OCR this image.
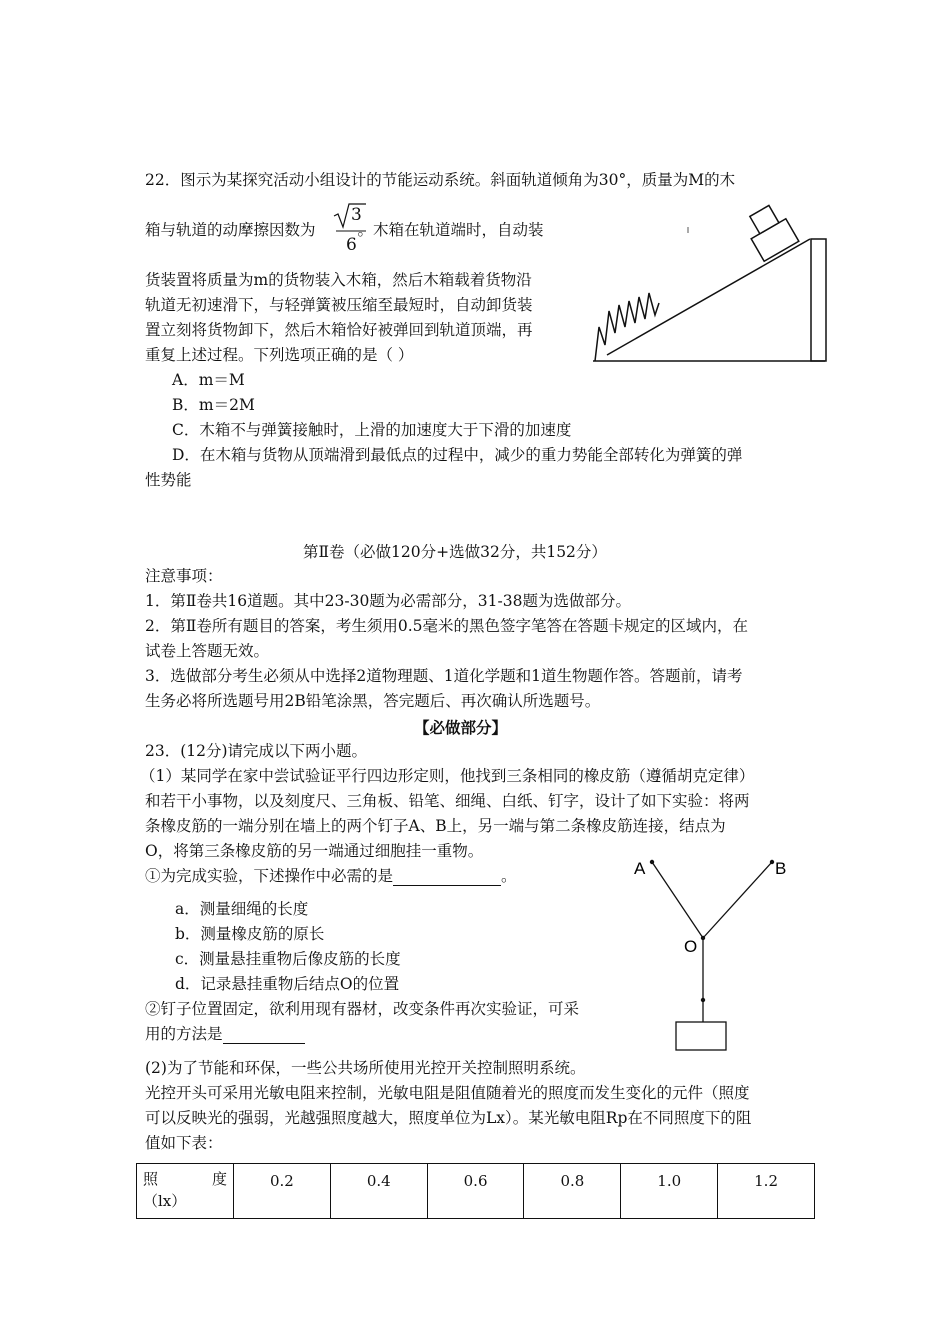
22．图示为某探究活动小组设计的节能运动系统。斜面轨道倾角为30°，质量为M的木
箱与轨道的动摩擦因数为	。木箱在轨道端时，自动装
3
6
货装置将质量为m的货物装入木箱，然后木箱载着货物沿
轨道无初速滑下，与轻弹簧被压缩至最短时，自动卸货装
置立刻将货物卸下，然后木箱恰好被弹回到轨道顶端，再
重复上述过程。下列选项正确的是（ ）
A．m＝M
B．m＝2M
C．木箱不与弹簧接触时，上滑的加速度大于下滑的加速度
D．在木箱与货物从顶端滑到最低点的过程中，减少的重力势能全部转化为弹簧的弹
性势能
第Ⅱ卷（必做120分+选做32分，共152分）
注意事项：
1．第Ⅱ卷共16道题。其中23-30题为必需部分，31-38题为选做部分。
2．第Ⅱ卷所有题目的答案，考生须用0.5毫米的黑色签字笔答在答题卡规定的区域内，在
试卷上答题无效。
3．选做部分考生必须从中选择2道物理题、1道化学题和1道生物题作答。答题前，请考
生务必将所选题号用2B铅笔涂黑，答完题后、再次确认所选题号。
【必做部分】
23．(12分)请完成以下两小题。
（1）某同学在家中尝试验证平行四边形定则，他找到三条相同的橡皮筋（遵循胡克定律）
和若干小事物，以及刻度尺、三角板、铅笔、细绳、白纸、钉字，设计了如下实验：将两
条橡皮筋的一端分别在墙上的两个钉子A、B上，另一端与第二条橡皮筋连接，结点为
O，将第三条橡皮筋的另一端通过细胞挂一重物。
①为完成实验，下述操作中必需的是	。
a．测量细绳的长度
b．测量橡皮筋的原长
c．测量悬挂重物后像皮筋的长度
d．记录悬挂重物后结点O的位置
②钉子位置固定，欲利用现有器材，改变条件再次实验证，可采
用的方法是
A	B
O
(2)为了节能和环保，一些公共场所使用光控开关控制照明系统。
光控开头可采用光敏电阻来控制，光敏电阻是阻值随着光的照度而发生变化的元件（照度
可以反映光的强弱，光越强照度越大，照度单位为Lx）。某光敏电阻Rp在不同照度下的阻
值如下表：
照	度
（lx）
	0.2	0.4	0.6	0.8	1.0	1.2
